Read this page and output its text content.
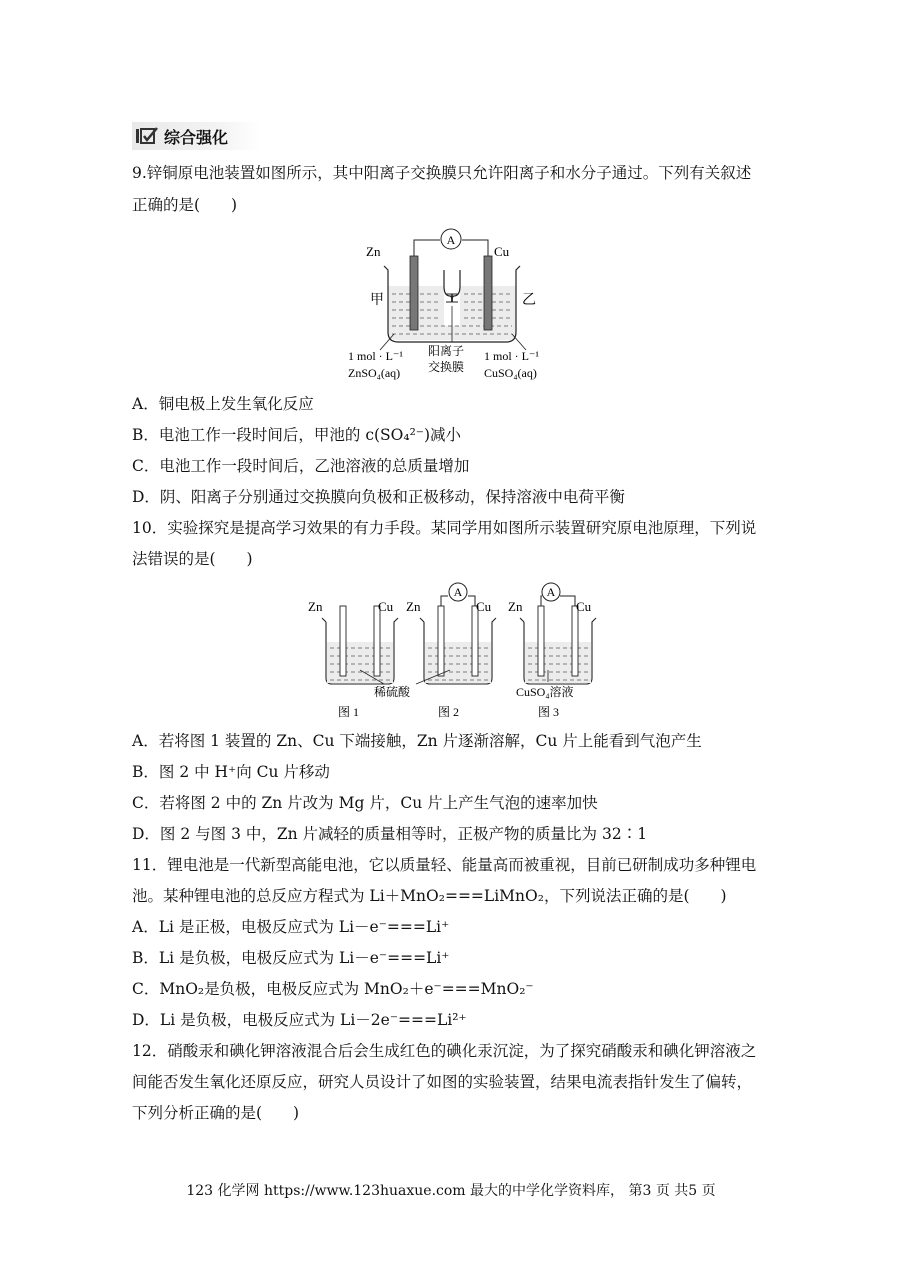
综合强化
9.锌铜原电池装置如图所示，其中阳离子交换膜只允许阳离子和水分子通过。下列有关叙述
正确的是(　　)
A
Zn	Cu
甲	乙
1 mol · L⁻¹
ZnSO₄(aq)
阳离子
交换膜
1 mol · L⁻¹
CuSO₄(aq)
A．铜电极上发生氧化反应
B．电池工作一段时间后，甲池的 c(SO₄²⁻)减小
C．电池工作一段时间后，乙池溶液的总质量增加
D．阴、阳离子分别通过交换膜向负极和正极移动，保持溶液中电荷平衡
10．实验探究是提高学习效果的有力手段。某同学用如图所示装置研究原电池原理，下列说
法错误的是(　　)
A	A
Zn	Cu Zn	Cu Zn	Cu
稀硫酸	CuSO₄溶液
图 1	图 2	图 3
A．若将图 1 装置的 Zn、Cu 下端接触，Zn 片逐渐溶解，Cu 片上能看到气泡产生
B．图 2 中 H⁺向 Cu 片移动
C．若将图 2 中的 Zn 片改为 Mg 片，Cu 片上产生气泡的速率加快
D．图 2 与图 3 中，Zn 片减轻的质量相等时，正极产物的质量比为 32∶1
11．锂电池是一代新型高能电池，它以质量轻、能量高而被重视，目前已研制成功多种锂电
池。某种锂电池的总反应方程式为 Li＋MnO₂===LiMnO₂，下列说法正确的是(　　)
A．Li 是正极，电极反应式为 Li－e⁻===Li⁺
B．Li 是负极，电极反应式为 Li－e⁻===Li⁺
C．MnO₂是负极，电极反应式为 MnO₂＋e⁻===MnO₂⁻
D．Li 是负极，电极反应式为 Li－2e⁻===Li²⁺
12．硝酸汞和碘化钾溶液混合后会生成红色的碘化汞沉淀，为了探究硝酸汞和碘化钾溶液之
间能否发生氧化还原反应，研究人员设计了如图的实验装置，结果电流表指针发生了偏转，
下列分析正确的是(　　)
123 化学网 https://www.123huaxue.com 最大的中学化学资料库， 第3 页 共5 页
